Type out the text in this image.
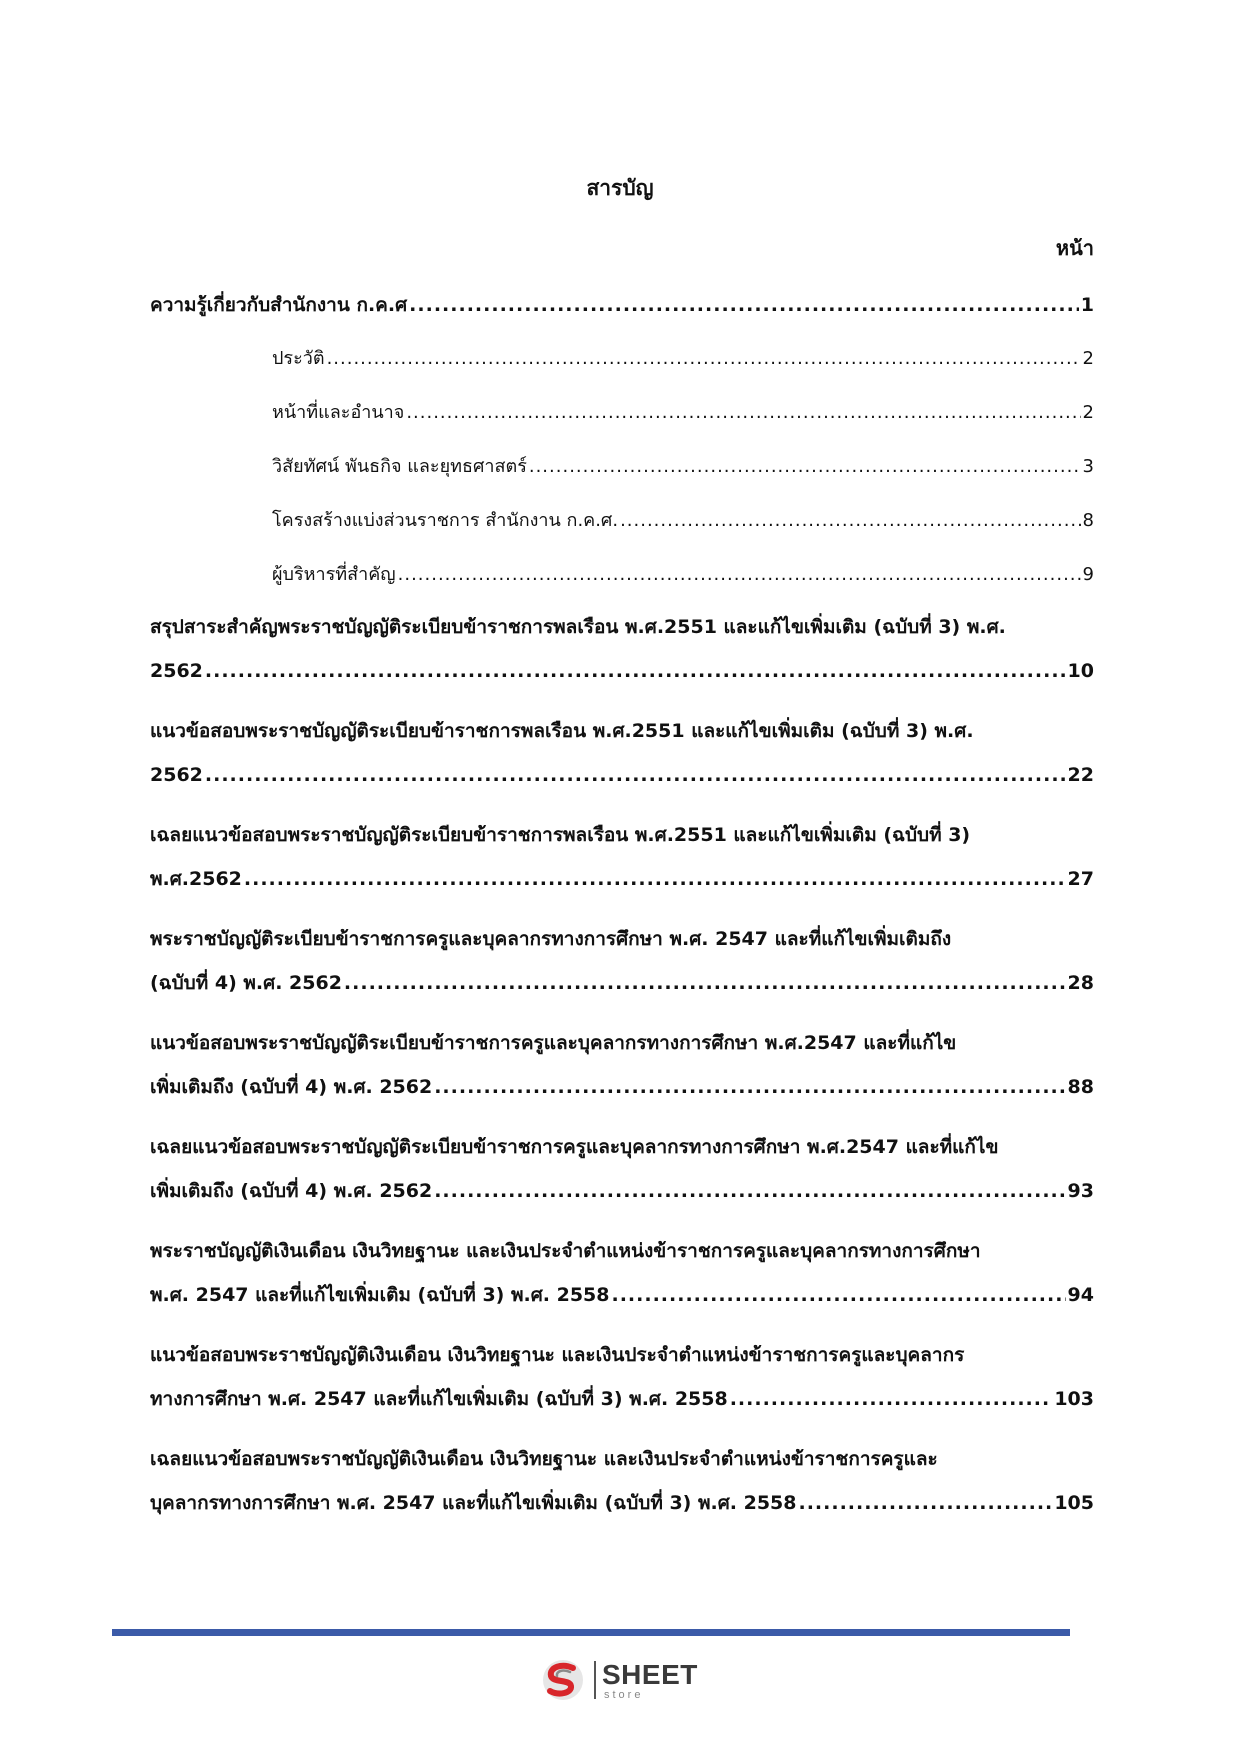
สารบัญ
หน้า
ความรู้เกี่ยวกับสำนักงาน ก.ค.ศ .....	1
ประวัติ .....	2
หน้าที่และอำนาจ .....	2
วิสัยทัศน์ พันธกิจ และยุทธศาสตร์ .....	3
โครงสร้างแบ่งส่วนราชการ สำนักงาน ก.ค.ศ. .....	8
ผู้บริหารที่สำคัญ .....	9
สรุปสาระสำคัญพระราชบัญญัติระเบียบข้าราชการพลเรือน พ.ศ.2551 และแก้ไขเพิ่มเติม (ฉบับที่ 3) พ.ศ.
2562 .....	10
แนวข้อสอบพระราชบัญญัติระเบียบข้าราชการพลเรือน พ.ศ.2551 และแก้ไขเพิ่มเติม (ฉบับที่ 3) พ.ศ.
2562 .....	22
เฉลยแนวข้อสอบพระราชบัญญัติระเบียบข้าราชการพลเรือน พ.ศ.2551 และแก้ไขเพิ่มเติม (ฉบับที่ 3)
พ.ศ.2562 .....	27
พระราชบัญญัติระเบียบข้าราชการครูและบุคลากรทางการศึกษา พ.ศ. 2547 และที่แก้ไขเพิ่มเติมถึง
(ฉบับที่ 4) พ.ศ. 2562 .....	28
แนวข้อสอบพระราชบัญญัติระเบียบข้าราชการครูและบุคลากรทางการศึกษา พ.ศ.2547 และที่แก้ไข
เพิ่มเติมถึง (ฉบับที่ 4) พ.ศ. 2562 .....	88
เฉลยแนวข้อสอบพระราชบัญญัติระเบียบข้าราชการครูและบุคลากรทางการศึกษา พ.ศ.2547 และที่แก้ไข
เพิ่มเติมถึง (ฉบับที่ 4) พ.ศ. 2562 .....	93
พระราชบัญญัติเงินเดือน เงินวิทยฐานะ และเงินประจำตำแหน่งข้าราชการครูและบุคลากรทางการศึกษา
พ.ศ. 2547 และที่แก้ไขเพิ่มเติม (ฉบับที่ 3) พ.ศ. 2558 .....	94
แนวข้อสอบพระราชบัญญัติเงินเดือน เงินวิทยฐานะ และเงินประจำตำแหน่งข้าราชการครูและบุคลากร
ทางการศึกษา พ.ศ. 2547 และที่แก้ไขเพิ่มเติม (ฉบับที่ 3) พ.ศ. 2558 .....	103
เฉลยแนวข้อสอบพระราชบัญญัติเงินเดือน เงินวิทยฐานะ และเงินประจำตำแหน่งข้าราชการครูและ
บุคลากรทางการศึกษา พ.ศ. 2547 และที่แก้ไขเพิ่มเติม (ฉบับที่ 3) พ.ศ. 2558 .....	105
SHEET
store
